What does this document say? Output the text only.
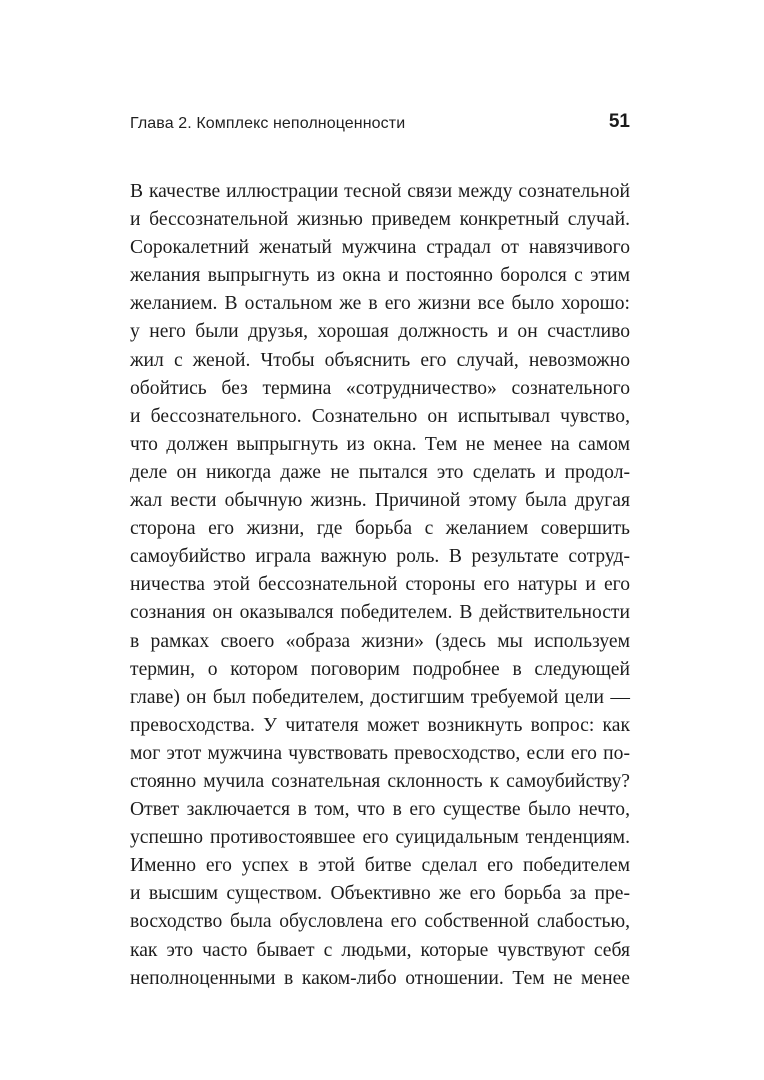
Глава 2. Комплекс неполноценности	51
В качестве иллюстрации тесной связи между сознательной
и бессознательной жизнью приведем конкретный случай.
Сорокалетний женатый мужчина страдал от навязчивого
желания выпрыгнуть из окна и постоянно боролся с этим
желанием. В остальном же в его жизни все было хорошо:
у него были друзья, хорошая должность и он счастливо
жил с женой. Чтобы объяснить его случай, невозможно
обойтись без термина «сотрудничество» сознательного
и бессознательного. Сознательно он испытывал чувство,
что должен выпрыгнуть из окна. Тем не менее на самом
деле он никогда даже не пытался это сделать и продол-
жал вести обычную жизнь. Причиной этому была другая
сторона его жизни, где борьба с желанием совершить
самоубийство играла важную роль. В результате сотруд-
ничества этой бессознательной стороны его натуры и его
сознания он оказывался победителем. В действительности
в рамках своего «образа жизни» (здесь мы используем
термин, о котором поговорим подробнее в следующей
главе) он был победителем, достигшим требуемой цели —
превосходства. У читателя может возникнуть вопрос: как
мог этот мужчина чувствовать превосходство, если его по-
стоянно мучила сознательная склонность к самоубийству?
Ответ заключается в том, что в его существе было нечто,
успешно противостоявшее его суицидальным тенденциям.
Именно его успех в этой битве сделал его победителем
и высшим существом. Объективно же его борьба за пре-
восходство была обусловлена его собственной слабостью,
как это часто бывает с людьми, которые чувствуют себя
неполноценными в каком-либо отношении. Тем не менее
